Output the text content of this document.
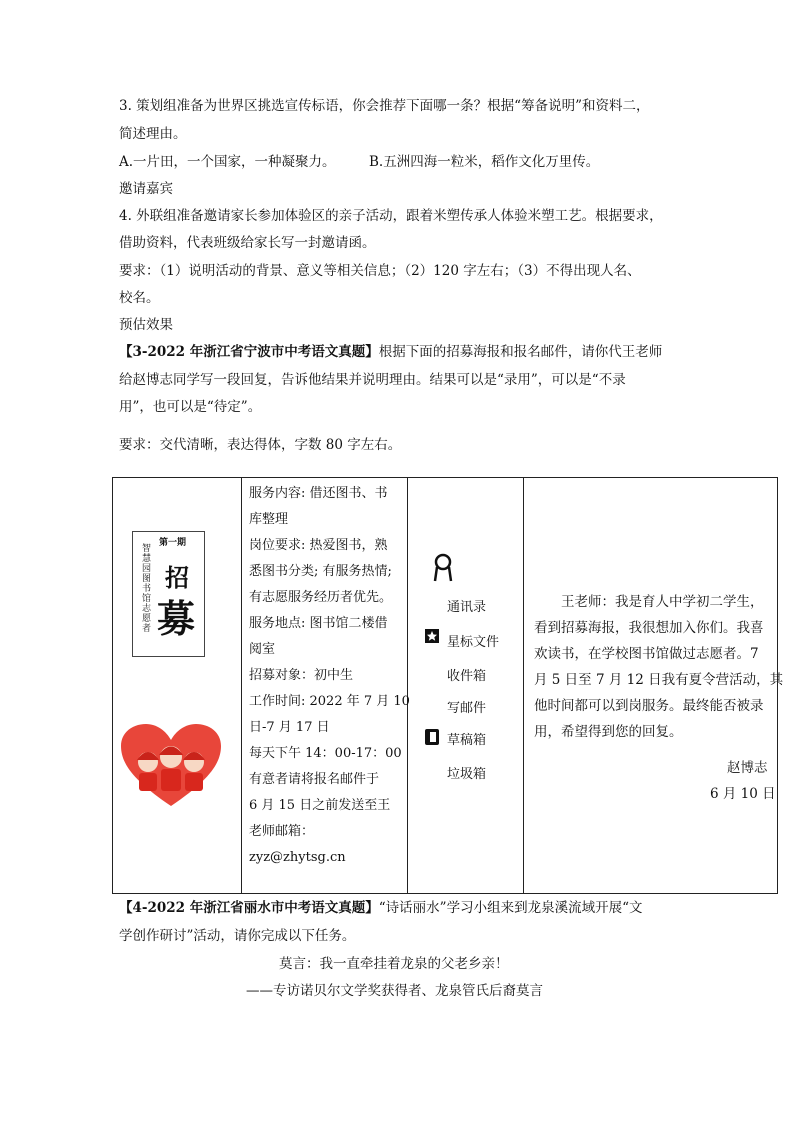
3. 策划组准备为世界区挑选宣传标语，你会推荐下面哪一条？根据“筹备说明”和资料二，
简述理由。
A.一片田，一个国家，一种凝聚力。 B.五洲四海一粒米，稻作文化万里传。
邀请嘉宾
4. 外联组准备邀请家长参加体验区的亲子活动，跟着米塑传承人体验米塑工艺。根据要求，
借助资料，代表班级给家长写一封邀请函。
要求：（1）说明活动的背景、意义等相关信息；（2）120 字左右；（3）不得出现人名、
校名。
预估效果
【3-2022 年浙江省宁波市中考语文真题】根据下面的招募海报和报名邮件，请你代王老师
给赵博志同学写一段回复，告诉他结果并说明理由。结果可以是“录用”，可以是“不录
用”，也可以是“待定”。
要求：交代清晰，表达得体，字数 80 字左右。
第一期
智慧园图书馆志愿者 招
募
服务内容: 借还图书、书
库整理
岗位要求: 热爱图书，熟
悉图书分类; 有服务热情;
有志愿服务经历者优先。
服务地点: 图书馆二楼借
阅室
招募对象：初中生
工作时间: 2022 年 7 月 10
日-7 月 17 日
每天下午 14：00-17：00
有意者请将报名邮件于
6 月 15 日之前发送至王
老师邮箱：
zyz@zhytsg.cn
通讯录
星标文件
收件箱
写邮件
草稿箱
垃圾箱
王老师：我是育人中学初二学生，
看到招募海报，我很想加入你们。我喜
欢读书，在学校图书馆做过志愿者。7
月 5 日至 7 月 12 日我有夏令营活动，其
他时间都可以到岗服务。最终能否被录
用，希望得到您的回复。
赵博志
6 月 10 日
【4-2022 年浙江省丽水市中考语文真题】“诗话丽水”学习小组来到龙泉溪流域开展“文
学创作研讨”活动，请你完成以下任务。
莫言：我一直牵挂着龙泉的父老乡亲！
——专访诺贝尔文学奖获得者、龙泉管氏后裔莫言
